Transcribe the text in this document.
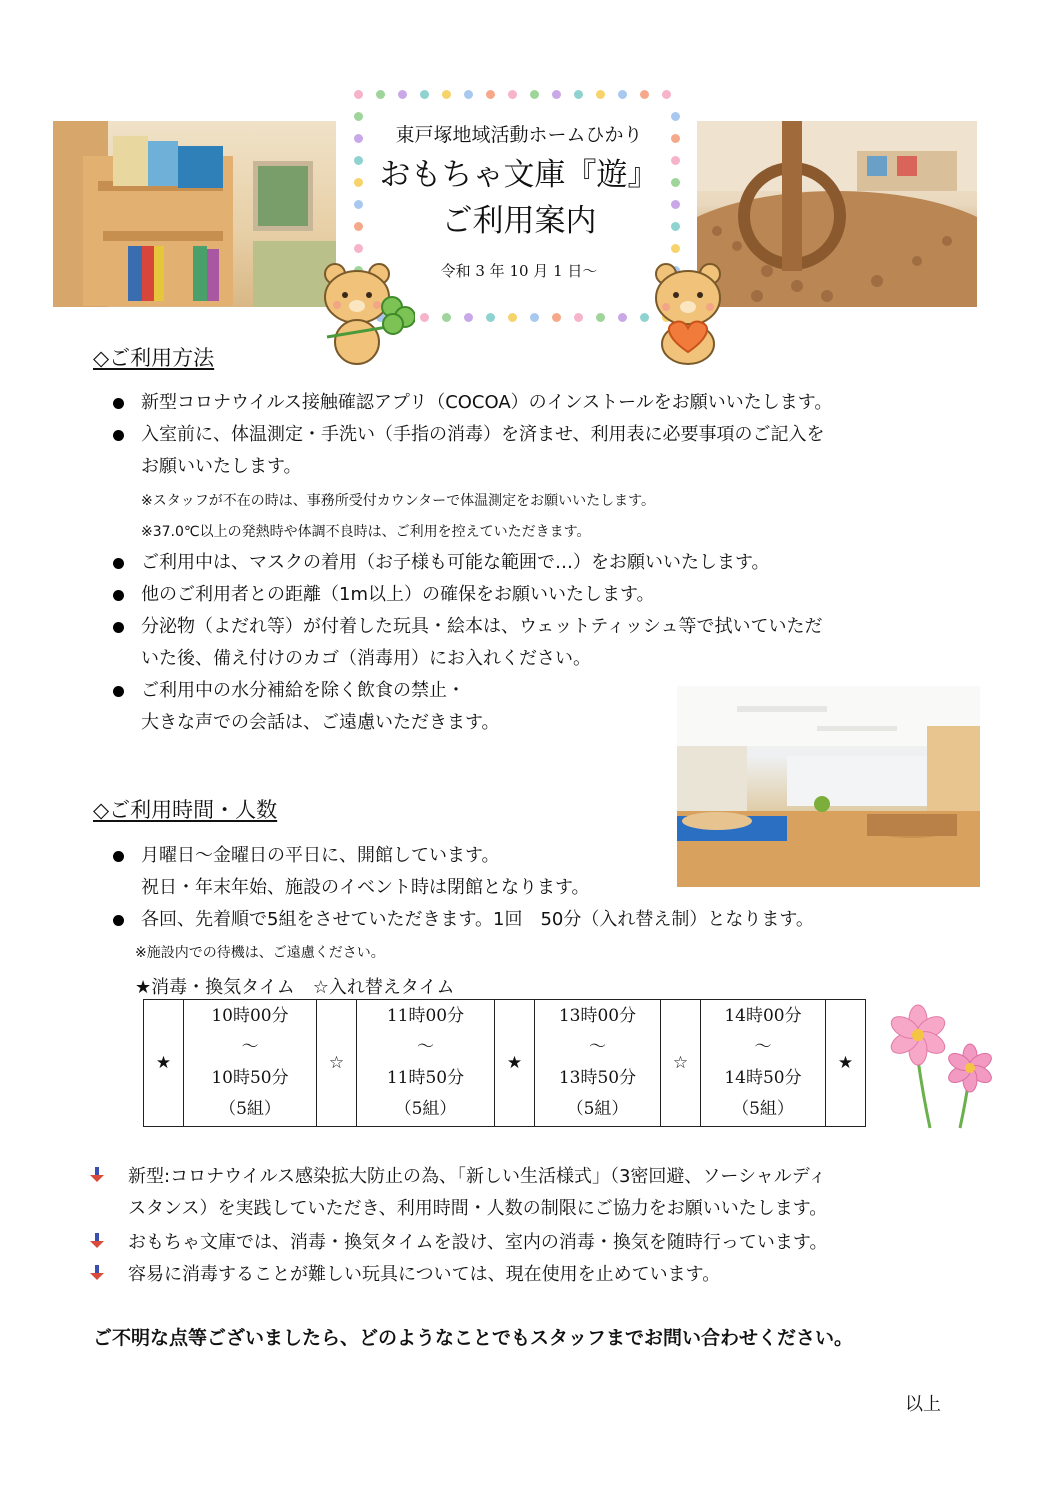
東戸塚地域活動ホームひかり
おもちゃ文庫『遊』
ご利用案内
令和 3 年 10 月 1 日～
◇ご利用方法
新型コロナウイルス接触確認アプリ（COCOA）のインストールをお願いいたします。
入室前に、体温測定・手洗い（手指の消毒）を済ませ、利用表に必要事項のご記入を
お願いいたします。
※スタッフが不在の時は、事務所受付カウンターで体温測定をお願いいたします。
※37.0℃以上の発熱時や体調不良時は、ご利用を控えていただきます。
ご利用中は、マスクの着用（お子様も可能な範囲で…）をお願いいたします。
他のご利用者との距離（1m以上）の確保をお願いいたします。
分泌物（よだれ等）が付着した玩具・絵本は、ウェットティッシュ等で拭いていただ
いた後、備え付けのカゴ（消毒用）にお入れください。
ご利用中の水分補給を除く飲食の禁止・
大きな声での会話は、ご遠慮いただきます。
◇ご利用時間・人数
月曜日～金曜日の平日に、開館しています。
祝日・年末年始、施設のイベント時は閉館となります。
各回、先着順で5組をさせていただきます。1回　50分（入れ替え制）となります。
※施設内での待機は、ご遠慮ください。
★消毒・換気タイム　☆入れ替えタイム
★	
10時00分
～
10時50分
（5組）
	☆	
11時00分
～
11時50分
（5組）
	★	
13時00分
～
13時50分
（5組）
	☆	
14時00分
～
14時50分
（5組）
	★
新型:コロナウイルス感染拡大防止の為、「新しい生活様式」（3密回避、ソーシャルディ
スタンス）を実践していただき、利用時間・人数の制限にご協力をお願いいたします。
おもちゃ文庫では、消毒・換気タイムを設け、室内の消毒・換気を随時行っています。
容易に消毒することが難しい玩具については、現在使用を止めています。
ご不明な点等ございましたら、どのようなことでもスタッフまでお問い合わせください。
以上
